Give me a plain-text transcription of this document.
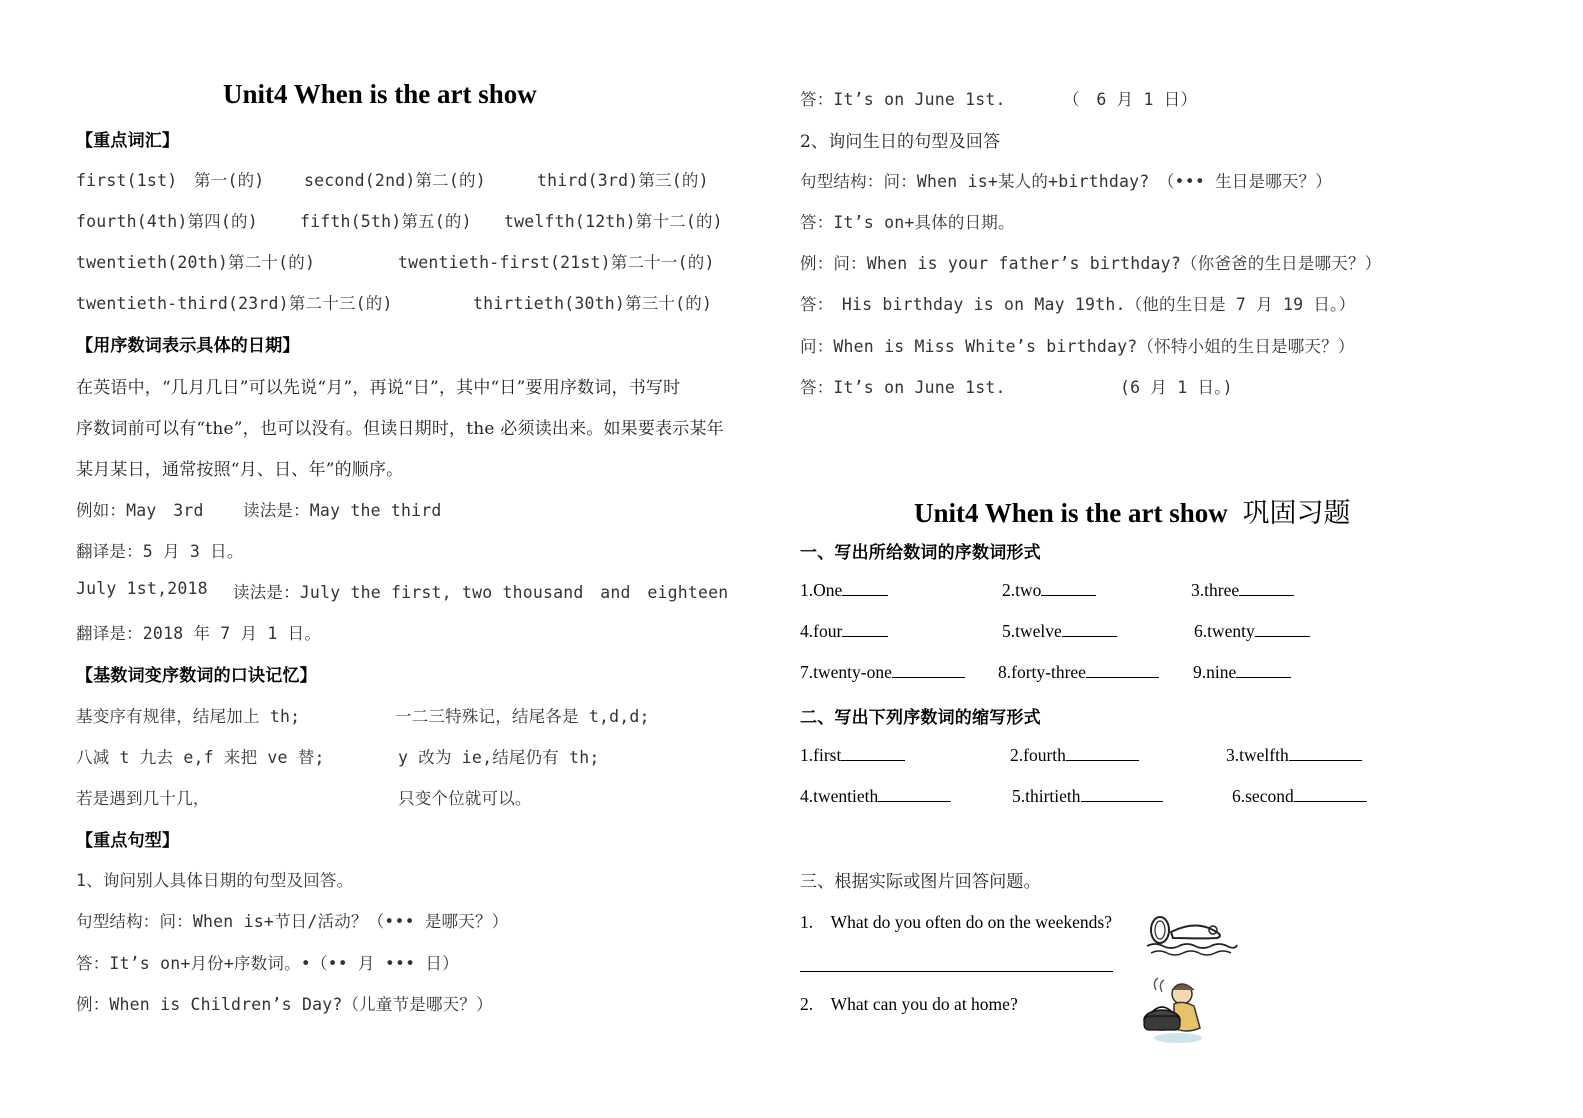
Unit4 When is the art show
【重点词汇】
first(1st)　第一(的) second(2nd)第二(的)	third(3rd)第三(的)
fourth(4th)第四(的)	fifth(5th)第五(的) twelfth(12th)第十二(的)
twentieth(20th)第二十(的)	twentieth-first(21st)第二十一(的)
twentieth-third(23rd)第二十三(的)	thirtieth(30th)第三十(的)
【用序数词表示具体的日期】
在英语中，“几月几日”可以先说“月”，再说“日”，其中“日”要用序数词，书写时
序数词前可以有“the”，也可以没有。但读日期时，the 必须读出来。如果要表示某年
某月某日，通常按照“月、日、年”的顺序。
例如：May　3rd 读法是：May the third
翻译是：5 月 3 日。
July 1st,2018 读法是：July the first, two thousand　and　eighteen
翻译是：2018 年 7 月 1 日。
【基数词变序数词的口诀记忆】
基变序有规律，结尾加上 th;	一二三特殊记，结尾各是 t,d,d;
八减 t 九去 e,f 来把 ve 替;	y 改为 ie,结尾仍有 th;
若是遇到几十几，	只变个位就可以。
【重点句型】
1、询问别人具体日期的句型及回答。
句型结构：问：When is+节日/活动？（••• 是哪天？）
答：It’s on+月份+序数词。•（•• 月 ••• 日）
例：When is Children’s Day?（儿童节是哪天？）
答：It’s on June 1st.	（　6 月 1 日）
2、询问生日的句型及回答
句型结构：问：When is+某人的+birthday?　（••• 生日是哪天？）
答：It’s on+具体的日期。
例：问：When is your father’s birthday?（你爸爸的生日是哪天？）
答：　His birthday is on May 19th.（他的生日是 7 月 19 日。）
问：When is Miss White’s birthday?（怀特小姐的生日是哪天？）
答：It’s on June 1st.	(6 月 1 日。)
Unit4 When is the art show 巩固习题
一、写出所给数词的序数词形式
1.One	2.two	3.three
4.four	5.twelve	6.twenty
7.twenty-one	8.forty-three	9.nine
二、写出下列序数词的缩写形式
1.first	2.fourth	3.twelfth
4.twentieth	5.thirtieth	6.second
三、根据实际或图片回答问题。
1.　What do you often do on the weekends?
2.　What can you do at home?
